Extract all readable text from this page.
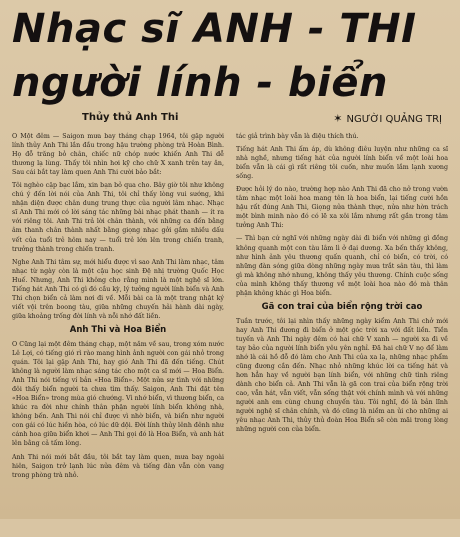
Nhạc sĩ ANH - THI
người lính - biển
Thủy thủ Anh Thi	✶ NGƯỜI QUẢNG TRỊ

O Một đêm — Saigon mưa bay tháng chạp 1964, tôi gặp người lính thủy Anh Thi lần đầu trong hậu trường phòng trà Hoàn Bình. Họ đỗ trăng bỏ chân, chiếc nữ chóp nước khiến Anh Thi dễ thương lạ lùng. Thấy tôi nhìn hơi kỹ cho chữ X xanh trên tay ăn, Sau cái bắt tay làm quen Anh Thi cười bảo bắt:

Tôi nghèo cặp bạc lắm, xin bạn bỏ qua cho. Bây giờ tôi như không chú ý đến lời nói của Anh Thi, tôi chỉ thấy lòng vui sướng, khi nhận diện được chân dung trung thực của người lâm nhạc. Nhạc sĩ Anh Thi mới có lời sáng tác những bài nhạc phát thanh — ít ra với riêng tôi. Anh Thi trả lời chân thành, với những ca đến bằng âm thanh chân thành nhất bằng giọng nhạc gởi gắm nhiều dấu vết của tuổi trẻ hôm nay — tuổi trẻ lớn lên trong chiến tranh, trưởng thành trong chiến tranh.

Nghe Anh Thi tâm sự, mới hiểu được vì sao Anh Thi làm nhạc, tâm nhạc từ ngày còn là một cậu học sinh Đệ nhị trường Quốc Học Huế. Nhưng, Anh Thi không cho rằng mình là một nghệ sĩ lớn. Tiếng hát Anh Thi có gì đó cầu kỳ, lý tưởng người lính biển và Anh Thi chọn biển cả làm nơi đi về. Mỗi bài ca là một trang nhật ký viết vội trên boong tàu, giữa những chuyến hải hành dài ngày, giữa khoảng trống đời lính và nỗi nhớ đất liền.

Anh Thi và Hoa Biển

O Cũng lại một đêm tháng chạp, một năm về sau, trong xóm nước Lê Lợi, có tiếng gió rì rào mang hình ảnh người con gái nhỏ trong quán. Tôi lại gặp Anh Thi, hay gió Anh Thi đã đến tiếng. Chút không là người làm nhạc sáng tác cho một ca sĩ mới — Hoa Biển. Anh Thi nói tiếng ví bản «Hoa Biển». Một nửa sự tình với những đôi thấy biển người ta chưa tìm thấy. Saigon, Anh Thi đặt tên «Hoa Biển» trong mùa gió chướng. Vì nhớ biển, vì thương biển, ca khúc ra đời như chính thân phận người lính biển không nhà, không bến. Anh Thi nói chỉ được vì nhờ biển, và biển như người con gái có lúc hiền hòa, có lúc dữ dội. Đời lính thủy lênh đênh như cánh hoa giữa biển khơi — Anh Thi gọi đó là Hoa Biển, và anh hát lên bằng cả tấm lòng.

Anh Thi nói mới bắt đầu, tôi bắt tay làm quen, mưa bay ngoài hiên, Saigon trở lạnh lúc nửa đêm và tiếng đàn vẫn còn vang trong phòng trà nhỏ.

tác giả trình bày vẫn là điệu thích thú.

Tiếng hát Anh Thi ấm áp, dù không điêu luyện như những ca sĩ nhà nghề, nhưng tiếng hát của người lính biển về một loài hoa biển vẫn là cái gì rất riêng tôi cuốn, như muốn lắm lạnh xương sống.

Được hỏi lý do nào, trường hợp nào Anh Thi đã cho nở trong vườn tâm nhạc một loài hoa mang tên là hoa biển, lại tiếng cười hồn hậu rất đúng Anh Thi, Giọng nửa thành thực, nửa như hờn trách một bình minh nào đó có lẽ xa xôi lắm nhưng rất gần trong tâm tưởng Anh Thi:

— Thì bạn cứ nghĩ với những ngày dài đi biển với những gì đồng không quanh một con tàu lâm lì ở đại dương. Xa bến thấy không, như hình ảnh yêu thương quấn quanh, chỉ có biển, có trời, có những đàn sóng giữa dòng những ngày mưa trắt sân tàu, thì làm gì mà không nhớ nhung, không thấy yêu thương. Chính cuộc sống của mình không thấy thương về một loài hoa nào đó mà thân phận không khác gì Hoa biển.

Gã con trai của biển rộng trời cao

Tuần trước, tôi lại nhìn thấy những ngày kiểm Anh Thi chở mới hay Anh Thi đương đi biển ở một góc trời xa với đất liền. Tiền tuyến và Anh Thi ngày đêm có hai chữ V xanh — người xa đi về tay bảo của người lính biển yêu yên nghỉ. Đã hai chữ V nọ để làm nhớ là cái hồ đỗ đó làm cho Anh Thi của xa lạ, những nhạc phẩm cũng đương cần đến. Nhạc nhỏ những khúc lời ca tiếng hát và hơn hẳn hay về người bạn lính biển, với những chữ tình riêng dành cho biển cả. Anh Thi vẫn là gã con trai của biển rộng trời cao, vẫn hát, vẫn viết, vẫn sống thật với chính mình và với những người anh em cùng chung chuyến tàu. Tôi nghĩ, đó là bản lĩnh người nghệ sĩ chân chính, và đó cũng là niềm an ủi cho những ai yêu nhạc Anh Thi, thủy thủ đoàn Hoa Biển sẽ còn mãi trong lòng những người con của biển.
